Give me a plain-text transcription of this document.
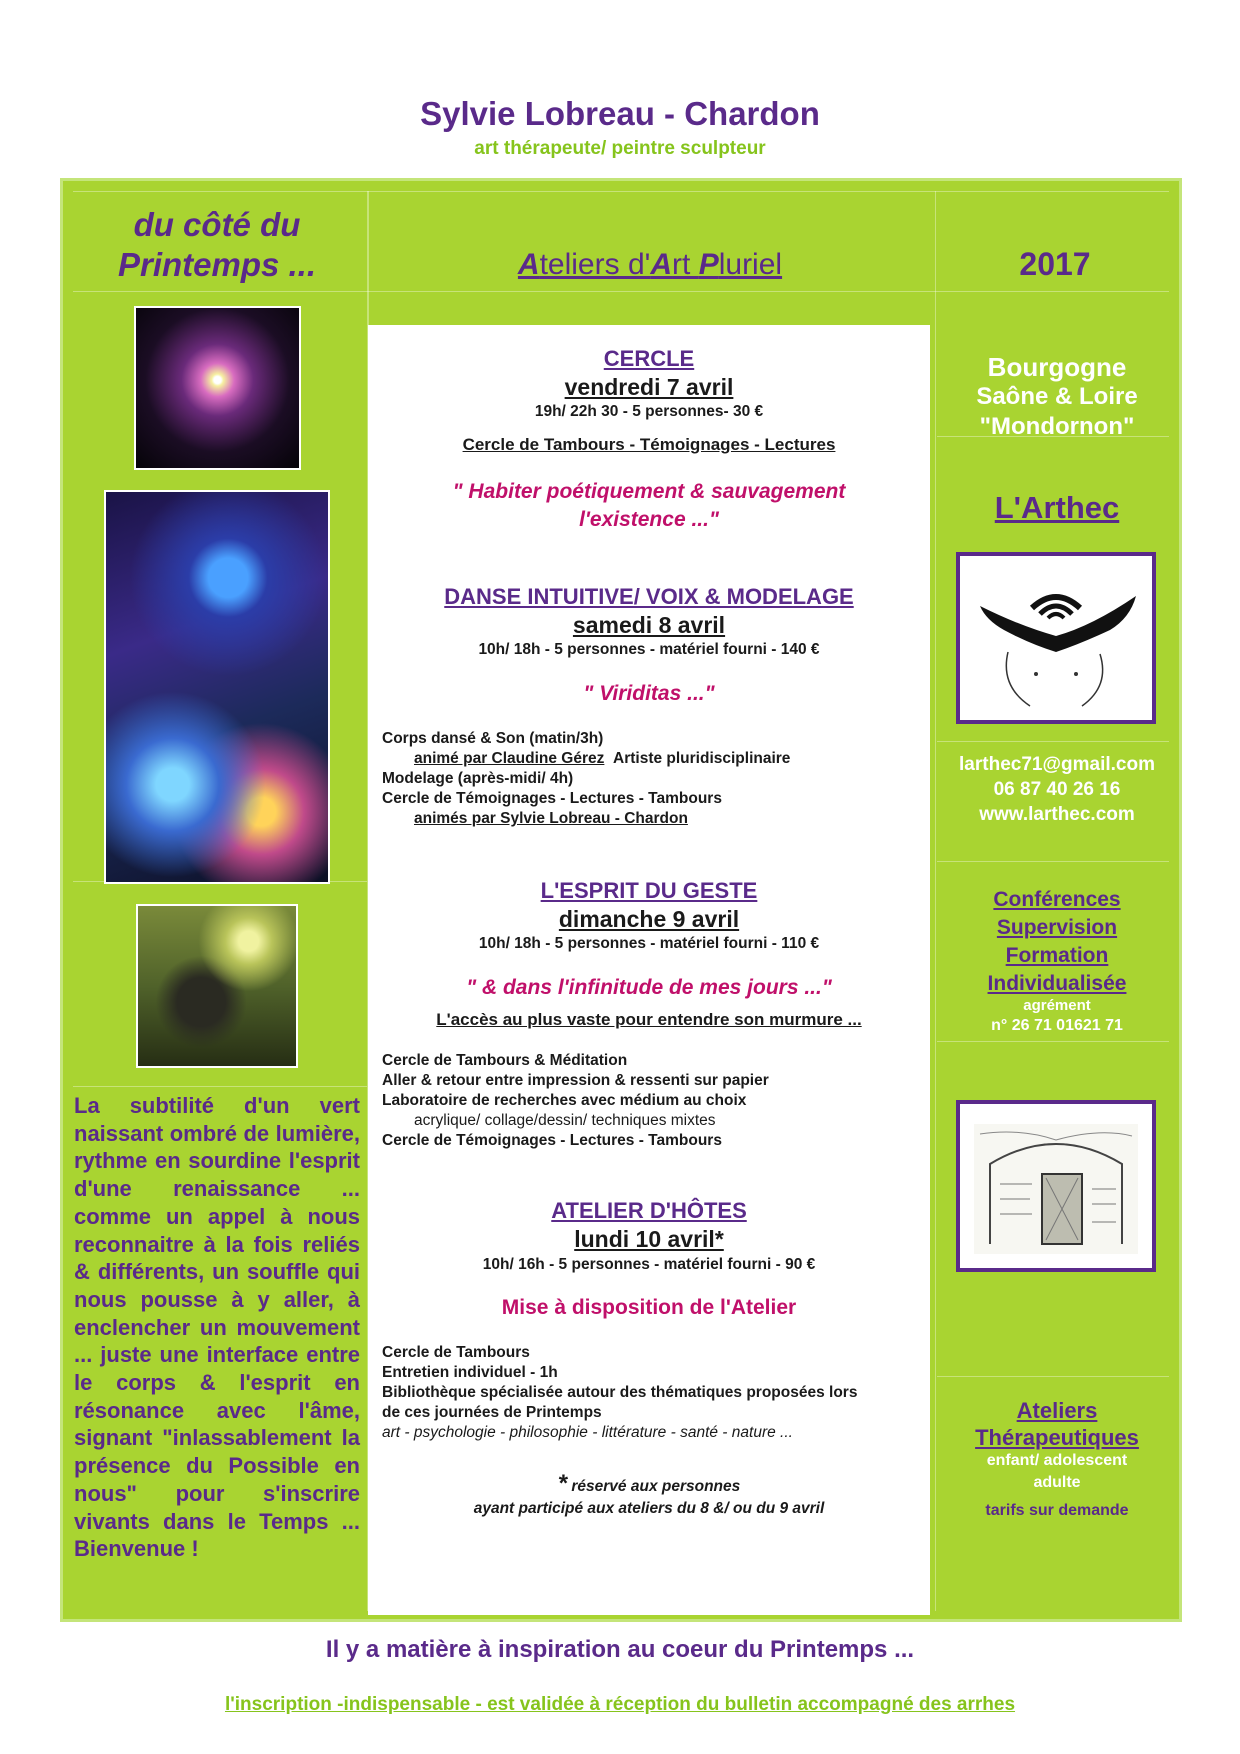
Sylvie Lobreau - Chardon
art thérapeute/ peintre sculpteur
du côté du
Printemps ...	Ateliers d'Art Pluriel	2017
La subtilité d'un vert naissant ombré de lumière, rythme en sourdine l'esprit d'une renaissance ... comme un appel à nous reconnaitre à la fois reliés & différents, un souffle qui nous pousse à y aller, à enclencher un mouvement ... juste une interface entre le corps & l'esprit en résonance avec l'âme, signant "inlassablement la présence du Possible en nous" pour s'inscrire vivants dans le Temps ... Bienvenue !
CERCLE
vendredi 7 avril
19h/ 22h 30 - 5 personnes- 30 €
Cercle de Tambours - Témoignages - Lectures
" Habiter poétiquement & sauvagement
l'existence ..."
DANSE INTUITIVE/ VOIX & MODELAGE
samedi 8 avril
10h/ 18h - 5 personnes - matériel fourni - 140 €
" Viriditas ..."
Corps dansé & Son (matin/3h)
animé par Claudine Gérez Artiste pluridisciplinaire
Modelage (après-midi/ 4h)
Cercle de Témoignages - Lectures - Tambours
animés par Sylvie Lobreau - Chardon
L'ESPRIT DU GESTE
dimanche 9 avril
10h/ 18h - 5 personnes - matériel fourni - 110 €
" & dans l'infinitude de mes jours ..."
L'accès au plus vaste pour entendre son murmure ...
Cercle de Tambours & Méditation
Aller & retour entre impression & ressenti sur papier
Laboratoire de recherches avec médium au choix
acrylique/ collage/dessin/ techniques mixtes
Cercle de Témoignages - Lectures - Tambours
ATELIER D'HÔTES
lundi 10 avril*
10h/ 16h - 5 personnes - matériel fourni - 90 €
Mise à disposition de l'Atelier
Cercle de Tambours
Entretien individuel - 1h
Bibliothèque spécialisée autour des thématiques proposées lors
de ces journées de Printemps
art - psychologie - philosophie - littérature - santé - nature ...
* réservé aux personnes
ayant participé aux ateliers du 8 &/ ou du 9 avril
Bourgogne
Saône & Loire
"Mondornon"
L'Arthec
larthec71@gmail.com
06 87 40 26 16
www.larthec.com
Conférences
Supervision
Formation
Individualisée
agrément
n° 26 71 01621 71
Ateliers
Thérapeutiques
enfant/ adolescent
adulte
tarifs sur demande
Il y a matière à inspiration au coeur du Printemps ...
l'inscription -indispensable - est validée à réception du bulletin accompagné des arrhes
